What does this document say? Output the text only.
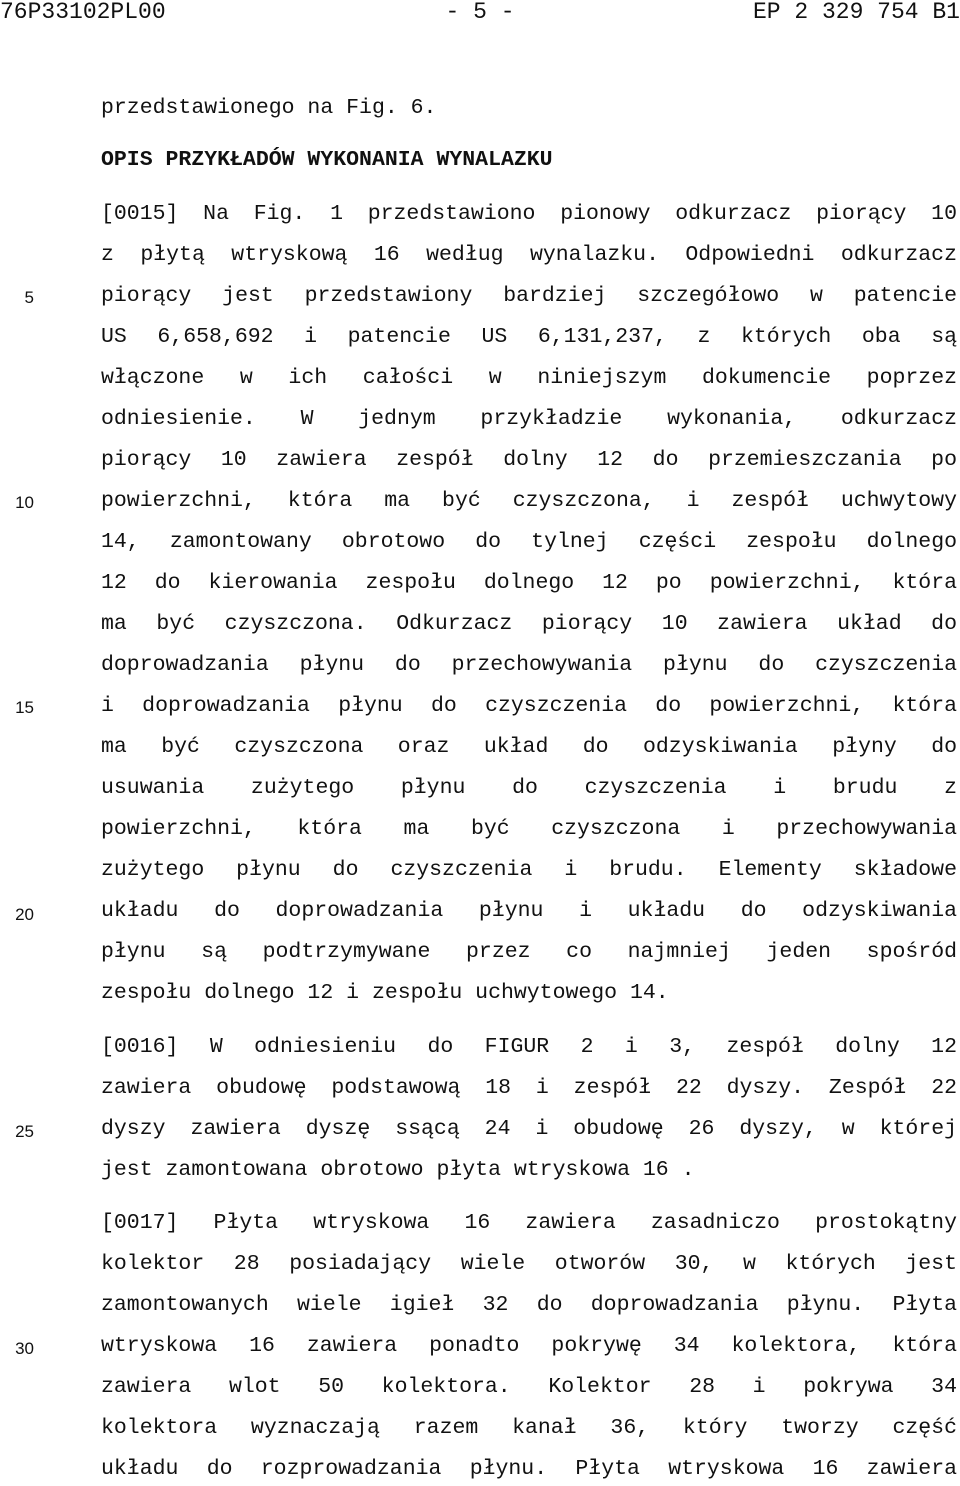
76P33102PL00	- 5 -	EP 2 329 754 B1
5
10
15
20
25
30
przedstawionego na Fig. 6.
OPIS PRZYKŁADÓW WYKONANIA WYNALAZKU
[0015] Na Fig. 1 przedstawiono pionowy odkurzacz piorący 10
z płytą wtryskową 16 według wynalazku. Odpowiedni odkurzacz
piorący jest przedstawiony bardziej szczegółowo w patencie
US 6,658,692 i patencie US 6,131,237, z których oba są
włączone w ich całości w niniejszym dokumencie poprzez
odniesienie. W jednym przykładzie wykonania, odkurzacz
piorący 10 zawiera zespół dolny 12 do przemieszczania po
powierzchni, która ma być czyszczona, i zespół uchwytowy
14, zamontowany obrotowo do tylnej części zespołu dolnego
12 do kierowania zespołu dolnego 12 po powierzchni, która
ma być czyszczona. Odkurzacz piorący 10 zawiera układ do
doprowadzania płynu do przechowywania płynu do czyszczenia
i doprowadzania płynu do czyszczenia do powierzchni, która
ma być czyszczona oraz układ do odzyskiwania płyny do
usuwania zużytego płynu do czyszczenia i brudu z
powierzchni, która ma być czyszczona i przechowywania
zużytego płynu do czyszczenia i brudu. Elementy składowe
układu do doprowadzania płynu i układu do odzyskiwania
płynu są podtrzymywane przez co najmniej jeden spośród
zespołu dolnego 12 i zespołu uchwytowego 14.
[0016] W odniesieniu do FIGUR 2 i 3, zespół dolny 12
zawiera obudowę podstawową 18 i zespół 22 dyszy. Zespół 22
dyszy zawiera dyszę ssącą 24 i obudowę 26 dyszy, w której
jest zamontowana obrotowo płyta wtryskowa 16 .
[0017] Płyta wtryskowa 16 zawiera zasadniczo prostokątny
kolektor 28 posiadający wiele otworów 30, w których jest
zamontowanych wiele igieł 32 do doprowadzania płynu. Płyta
wtryskowa 16 zawiera ponadto pokrywę 34 kolektora, która
zawiera wlot 50 kolektora. Kolektor 28 i pokrywa 34
kolektora wyznaczają razem kanał 36, który tworzy część
układu do rozprowadzania płynu. Płyta wtryskowa 16 zawiera
